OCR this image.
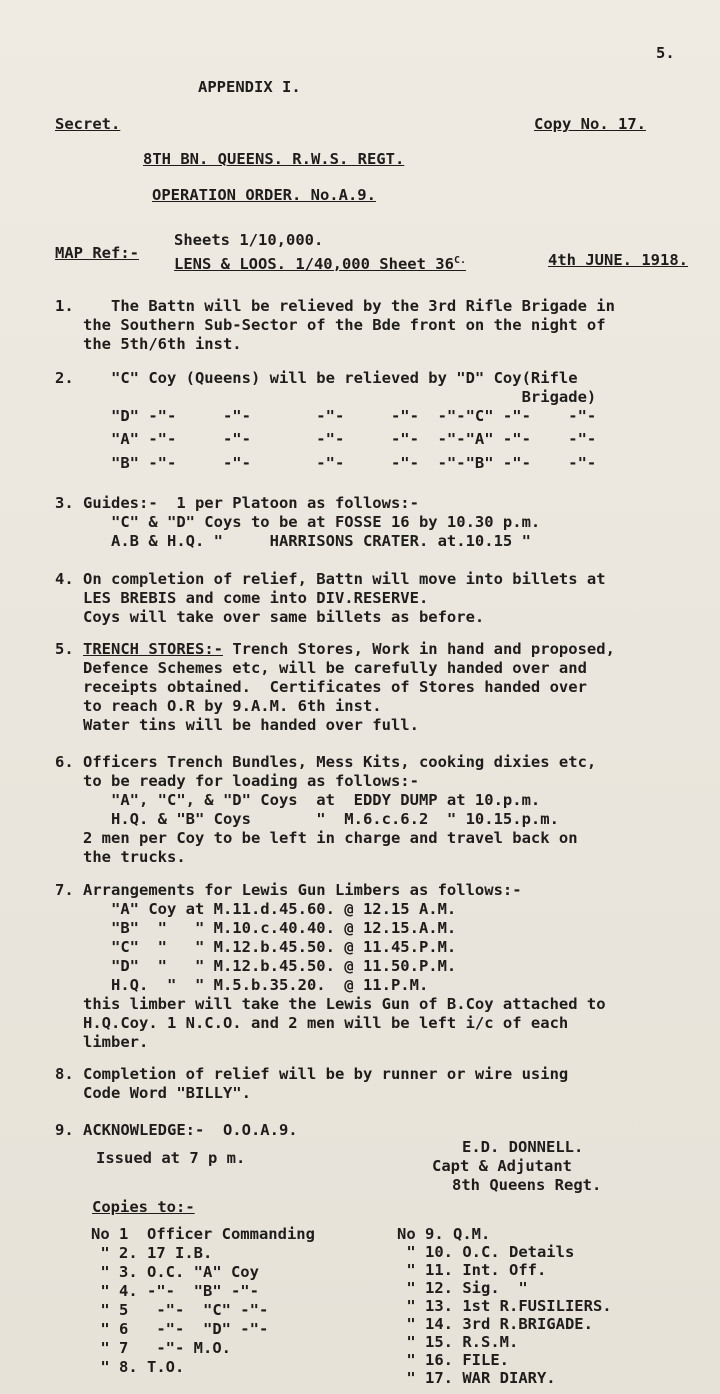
5.
APPENDIX I.
Secret.	Copy No. 17.
8TH BN. QUEENS. R.W.S. REGT.
OPERATION ORDER. No.A.9.
MAP Ref:-
Sheets 1/10,000.
LENS & LOOS. 1/40,000 Sheet $36^{C.}$	4th JUNE. 1918.
1.    The Battn will be relieved by the 3rd Rifle Brigade in
the Southern Sub-Sector of the Bde front on the night of
the 5th/6th inst.
2.    "C" Coy (Queens) will be relieved by "D" Coy(Rifle
Brigade)
"D" -"-     -"-       -"-     -"-  -"-"C" -"-    -"-
"A" -"-     -"-       -"-     -"-  -"-"A" -"-    -"-
"B" -"-     -"-       -"-     -"-  -"-"B" -"-    -"-
3. Guides:-  1 per Platoon as follows:-
"C" & "D" Coys to be at FOSSE 16 by 10.30 p.m.
A.B & H.Q. "     HARRISONS CRATER. at.10.15 "
4. On completion of relief, Battn will move into billets at
LES BREBIS and come into DIV.RESERVE.
Coys will take over same billets as before.
5. TRENCH STORES:- Trench Stores, Work in hand and proposed,
Defence Schemes etc, will be carefully handed over and
receipts obtained.  Certificates of Stores handed over
to reach O.R by 9.A.M. 6th inst.
Water tins will be handed over full.
6. Officers Trench Bundles, Mess Kits, cooking dixies etc,
to be ready for loading as follows:-
"A", "C", & "D" Coys  at  EDDY DUMP at 10.p.m.
H.Q. & "B" Coys       "  M.6.c.6.2  " 10.15.p.m.
2 men per Coy to be left in charge and travel back on
the trucks.
7. Arrangements for Lewis Gun Limbers as follows:-
"A" Coy at M.11.d.45.60. @ 12.15 A.M.
"B"  "   " M.10.c.40.40. @ 12.15.A.M.
"C"  "   " M.12.b.45.50. @ 11.45.P.M.
"D"  "   " M.12.b.45.50. @ 11.50.P.M.
H.Q.  "  " M.5.b.35.20.  @ 11.P.M.
this limber will take the Lewis Gun of B.Coy attached to
H.Q.Coy. 1 N.C.O. and 2 men will be left i/c of each
limber.
8. Completion of relief will be by runner or wire using
Code Word "BILLY".
9. ACKNOWLEDGE:-  O.O.A.9.
Issued at 7 p m.
E.D. DONNELL.
Capt & Adjutant
8th Queens Regt.
Copies to:-
No 1  Officer Commanding
" 2. 17 I.B.
" 3. O.C. "A" Coy
" 4. -"-  "B" -"-
" 5   -"-  "C" -"-
" 6   -"-  "D" -"-
" 7   -"- M.O.
" 8. T.O.
No 9. Q.M.
" 10. O.C. Details
" 11. Int. Off.
" 12. Sig.  "
" 13. 1st R.FUSILIERS.
" 14. 3rd R.BRIGADE.
" 15. R.S.M.
" 16. FILE.
" 17. WAR DIARY.
